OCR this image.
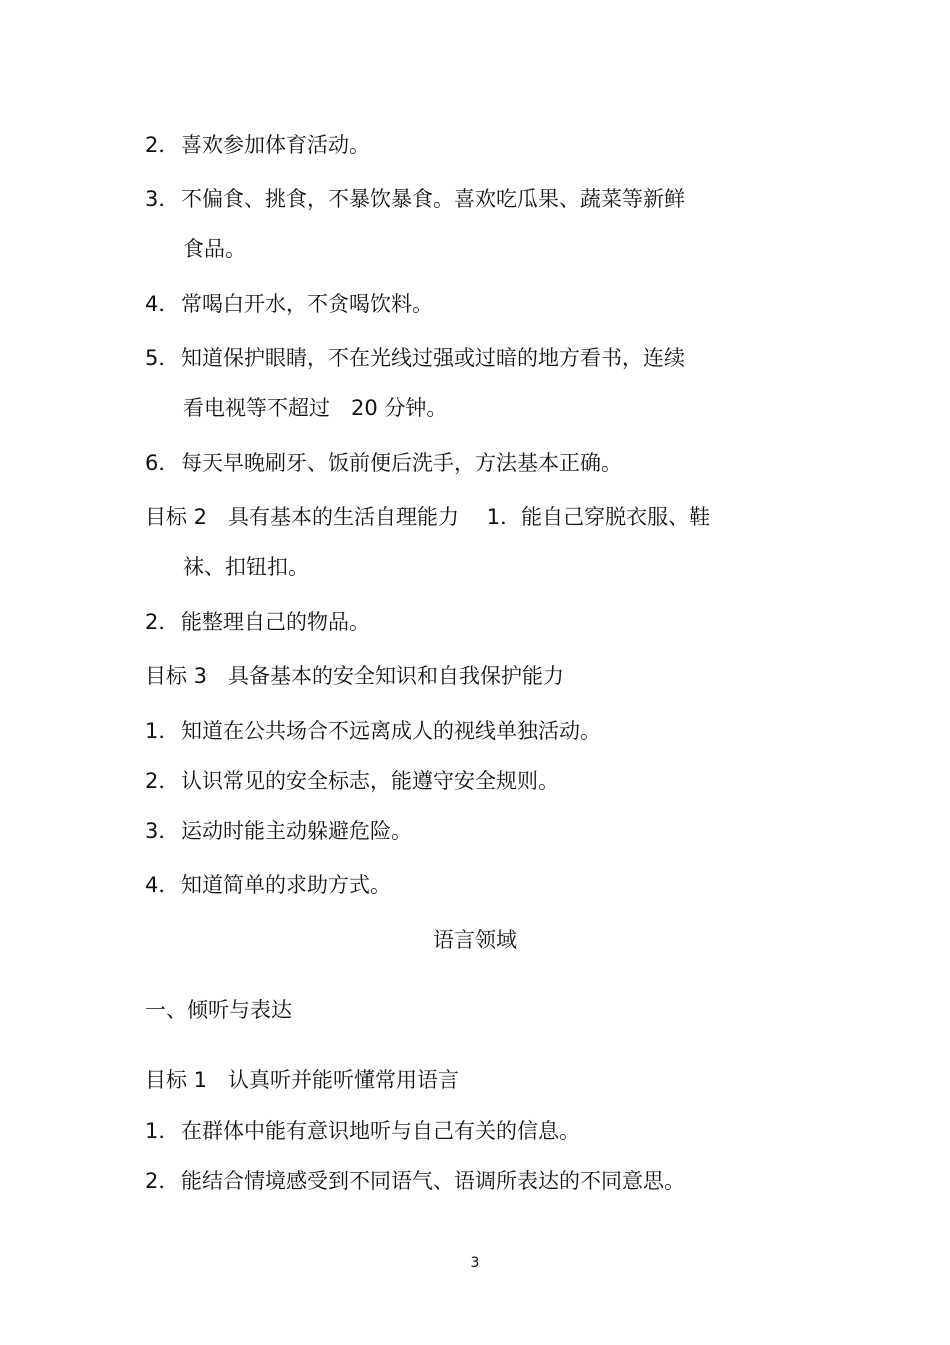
2．喜欢参加体育活动。
3．不偏食、挑食，不暴饮暴食。喜欢吃瓜果、蔬菜等新鲜
食品。
4．常喝白开水，不贪喝饮料。
5．知道保护眼睛，不在光线过强或过暗的地方看书，连续
看电视等不超过　20 分钟。
6．每天早晚刷牙、饭前便后洗手，方法基本正确。
目标 2　具有基本的生活自理能力　 1．能自己穿脱衣服、鞋
袜、扣钮扣。
2．能整理自己的物品。
目标 3　具备基本的安全知识和自我保护能力
1．知道在公共场合不远离成人的视线单独活动。
2．认识常见的安全标志，能遵守安全规则。
3．运动时能主动躲避危险。
4．知道简单的求助方式。
语言领域
一、倾听与表达
目标 1　认真听并能听懂常用语言
1．在群体中能有意识地听与自己有关的信息。
2．能结合情境感受到不同语气、语调所表达的不同意思。
3
